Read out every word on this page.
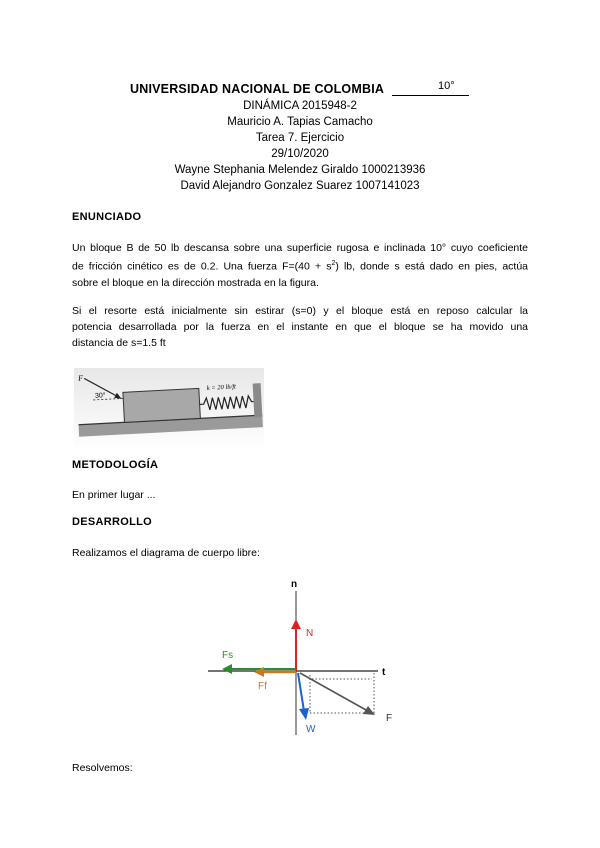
UNIVERSIDAD NACIONAL DE COLOMBIA	10°
DINÁMICA 2015948-2
Mauricio A. Tapias Camacho
Tarea 7. Ejercicio
29/10/2020
Wayne Stephania Melendez Giraldo 1000213936
David Alejandro Gonzalez Suarez 1007141023
ENUNCIADO
Un bloque B de 50 lb descansa sobre una superficie rugosa e inclinada 10° cuyo coeficiente
de fricción cinético es de 0.2. Una fuerza $F=(40 + s^2)$ lb, donde s está dado en pies, actúa
sobre el bloque en la dirección mostrada en la figura.
Si el resorte está inicialmente sin estirar (s=0) y el bloque está en reposo calcular la
potencia desarrollada por la fuerza en el instante en que el bloque se ha movido una
distancia de s=1.5 ft
F
30°
k = 20 lb/ft
METODOLOGÍA
En primer lugar ...
DESARROLLO
Realizamos el diagrama de cuerpo libre:
n
t
N
Fs
Ff
W
F
Resolvemos:
